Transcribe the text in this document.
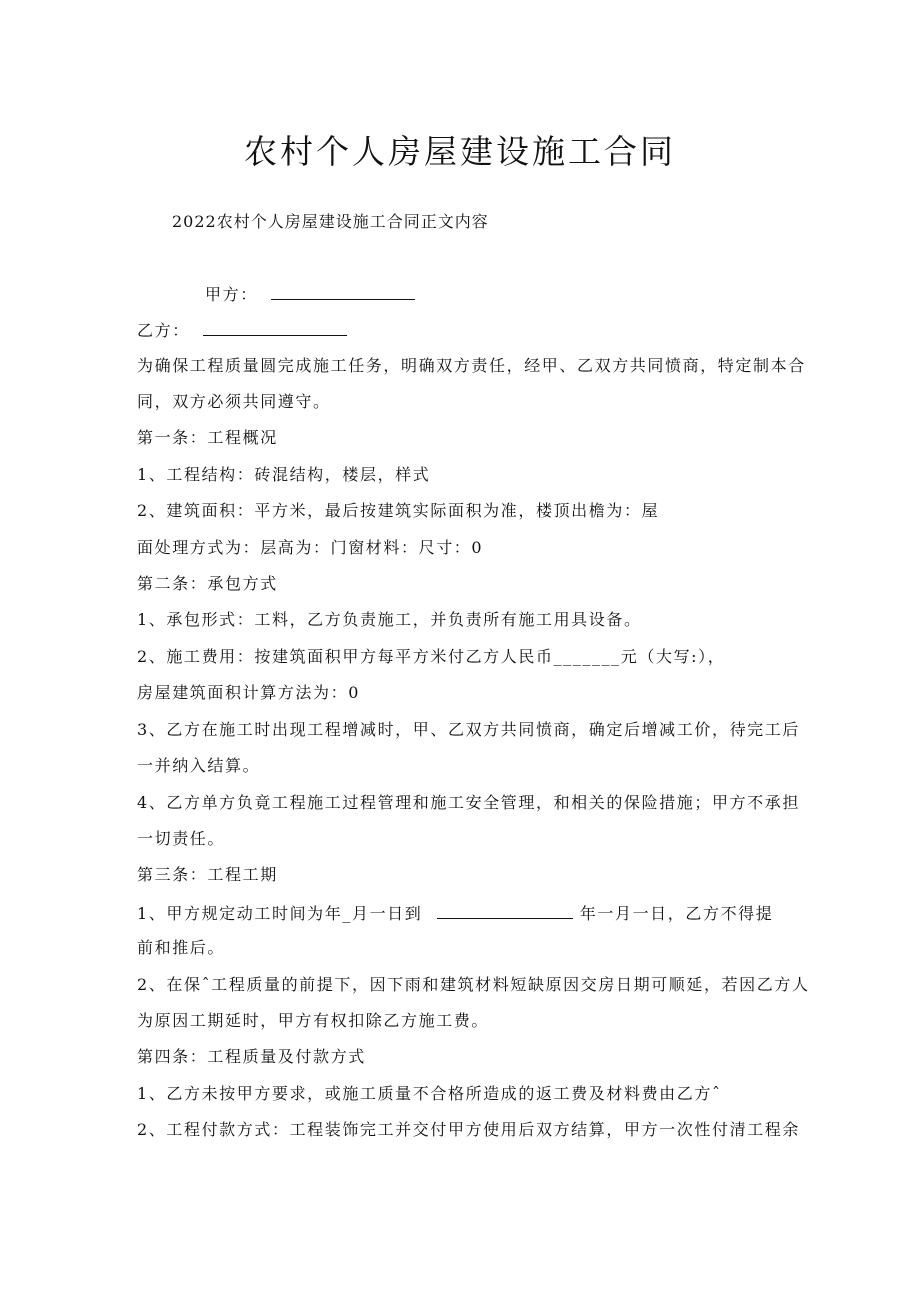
农村个人房屋建设施工合同
2022农村个人房屋建设施工合同正文内容
甲方：
乙方：
为确保工程质量圆完成施工任务，明确双方责任，经甲、乙双方共同愤商，特定制本合
同，双方必须共同遵守。
第一条：工程概况
1、工程结构：砖混结构，楼层，样式
2、建筑面积：平方米，最后按建筑实际面积为准，楼顶出檐为：屋
面处理方式为：层高为：门窗材料：尺寸：0
第二条：承包方式
1、承包形式：工料，乙方负责施工，并负责所有施工用具设备。
2、施工费用：按建筑面积甲方每平方米付乙方人民币_______元（大写:），
房屋建筑面积计算方法为：0
3、乙方在施工时出现工程增减时，甲、乙双方共同愤商，确定后增减工价，待完工后
一并纳入结算。
4、乙方单方负竟工程施工过程管理和施工安全管理，和相关的保险措施；甲方不承担
一切责任。
第三条：工程工期
1、甲方规定动工时间为年_月一日到	年一月一日，乙方不得提
前和推后。
2、在保ˆ工程质量的前提下，因下雨和建筑材料短缺原因交房日期可顺延，若因乙方人
为原因工期延时，甲方有权扣除乙方施工费。
第四条：工程质量及付款方式
1、乙方未按甲方要求，或施工质量不合格所造成的返工费及材料费由乙方ˆ
2、工程付款方式：工程装饰完工并交付甲方使用后双方结算，甲方一次性付清工程余
